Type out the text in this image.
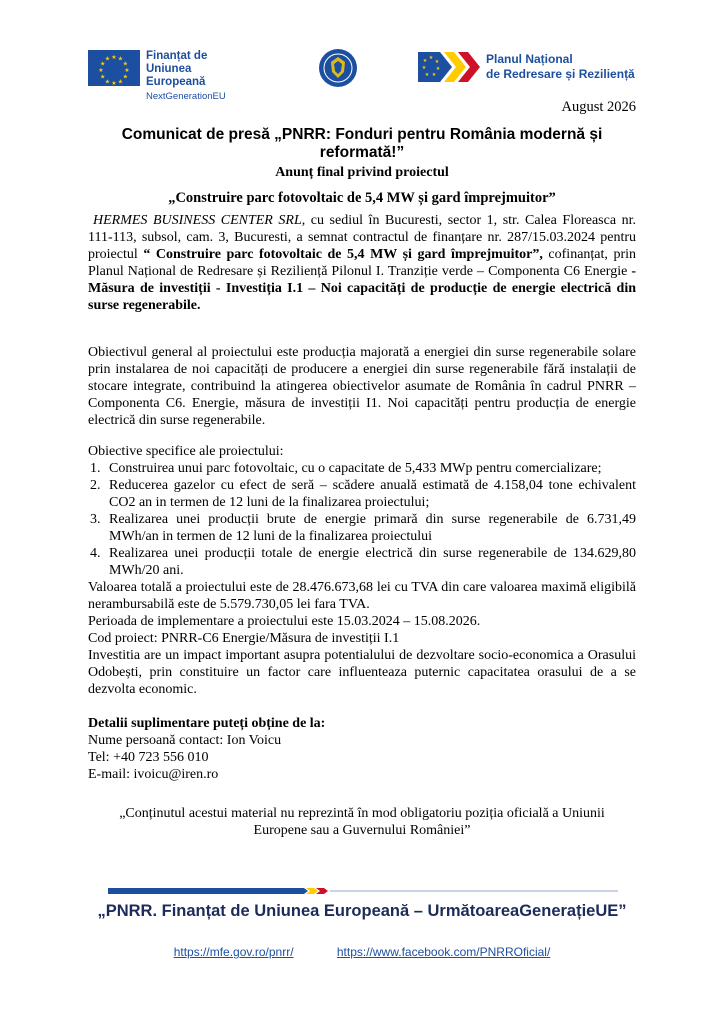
★ ★
★
★
★
★
★
★
★
★
★
★	Finanțat de
Uniunea Europeană
NextGenerationEU
★
★
★
★
★
★
★	Planul Național
de Redresare și Reziliență
August 2026
Comunicat de presă „PNRR: Fonduri pentru România modernă și reformată!”
Anunț final privind proiectul
„Construire parc fotovoltaic de 5,4 MW și gard împrejmuitor”
HERMES BUSINESS CENTER SRL, cu sediul în Bucuresti, sector 1, str. Calea Floreasca nr. 111-113, subsol, cam. 3, Bucuresti, a semnat contractul de finanțare nr. 287/15.03.2024 pentru proiectul “ Construire parc fotovoltaic de 5,4 MW și gard împrejmuitor”, cofinanțat, prin Planul Național de Redresare și Reziliență Pilonul I. Tranziție verde – Componenta C6 Energie - Măsura de investiții - Investiția I.1 – Noi capacități de producție de energie electrică din surse regenerabile.
Obiectivul general al proiectului este producția majorată a energiei din surse regenerabile solare prin instalarea de noi capacități de producere a energiei din surse regenerabile fără instalații de stocare integrate, contribuind la atingerea obiectivelor asumate de România în cadrul PNRR – Componenta C6. Energie, măsura de investiții I1. Noi capacități pentru producția de energie electrică din surse regenerabile.
Obiective specifice ale proiectului:
1. Construirea unui parc fotovoltaic, cu o capacitate de 5,433 MWp pentru comercializare;
2. Reducerea gazelor cu efect de seră – scădere anuală estimată de 4.158,04 tone echivalent CO2 an in termen de 12 luni de la finalizarea proiectului;
3. Realizarea unei producții brute de energie primară din surse regenerabile de 6.731,49 MWh/an in termen de 12 luni de la finalizarea proiectului
4. Realizarea unei producții totale de energie electrică din surse regenerabile de 134.629,80 MWh/20 ani.
Valoarea totală a proiectului este de 28.476.673,68 lei cu TVA din care valoarea maximă eligibilă nerambursabilă este de 5.579.730,05 lei fara TVA.
Perioada de implementare a proiectului este 15.03.2024 – 15.08.2026.
Cod proiect: PNRR-C6 Energie/Măsura de investiții I.1
Investitia are un impact important asupra potentialului de dezvoltare socio-economica a Orasului Odobești, prin constituire un factor care influenteaza puternic capacitatea orasului de a se dezvolta economic.
Detalii suplimentare puteți obține de la:
Nume persoană contact: Ion Voicu
Tel: +40 723 556 010
E-mail: ivoicu@iren.ro
„Conținutul acestui material nu reprezintă în mod obligatoriu poziția oficială a Uniunii Europene sau a Guvernului României”
„PNRR. Finanțat de Uniunea Europeană – UrmătoareaGenerațieUE”
https://mfe.gov.ro/pnrr/	https://www.facebook.com/PNRROficial/
